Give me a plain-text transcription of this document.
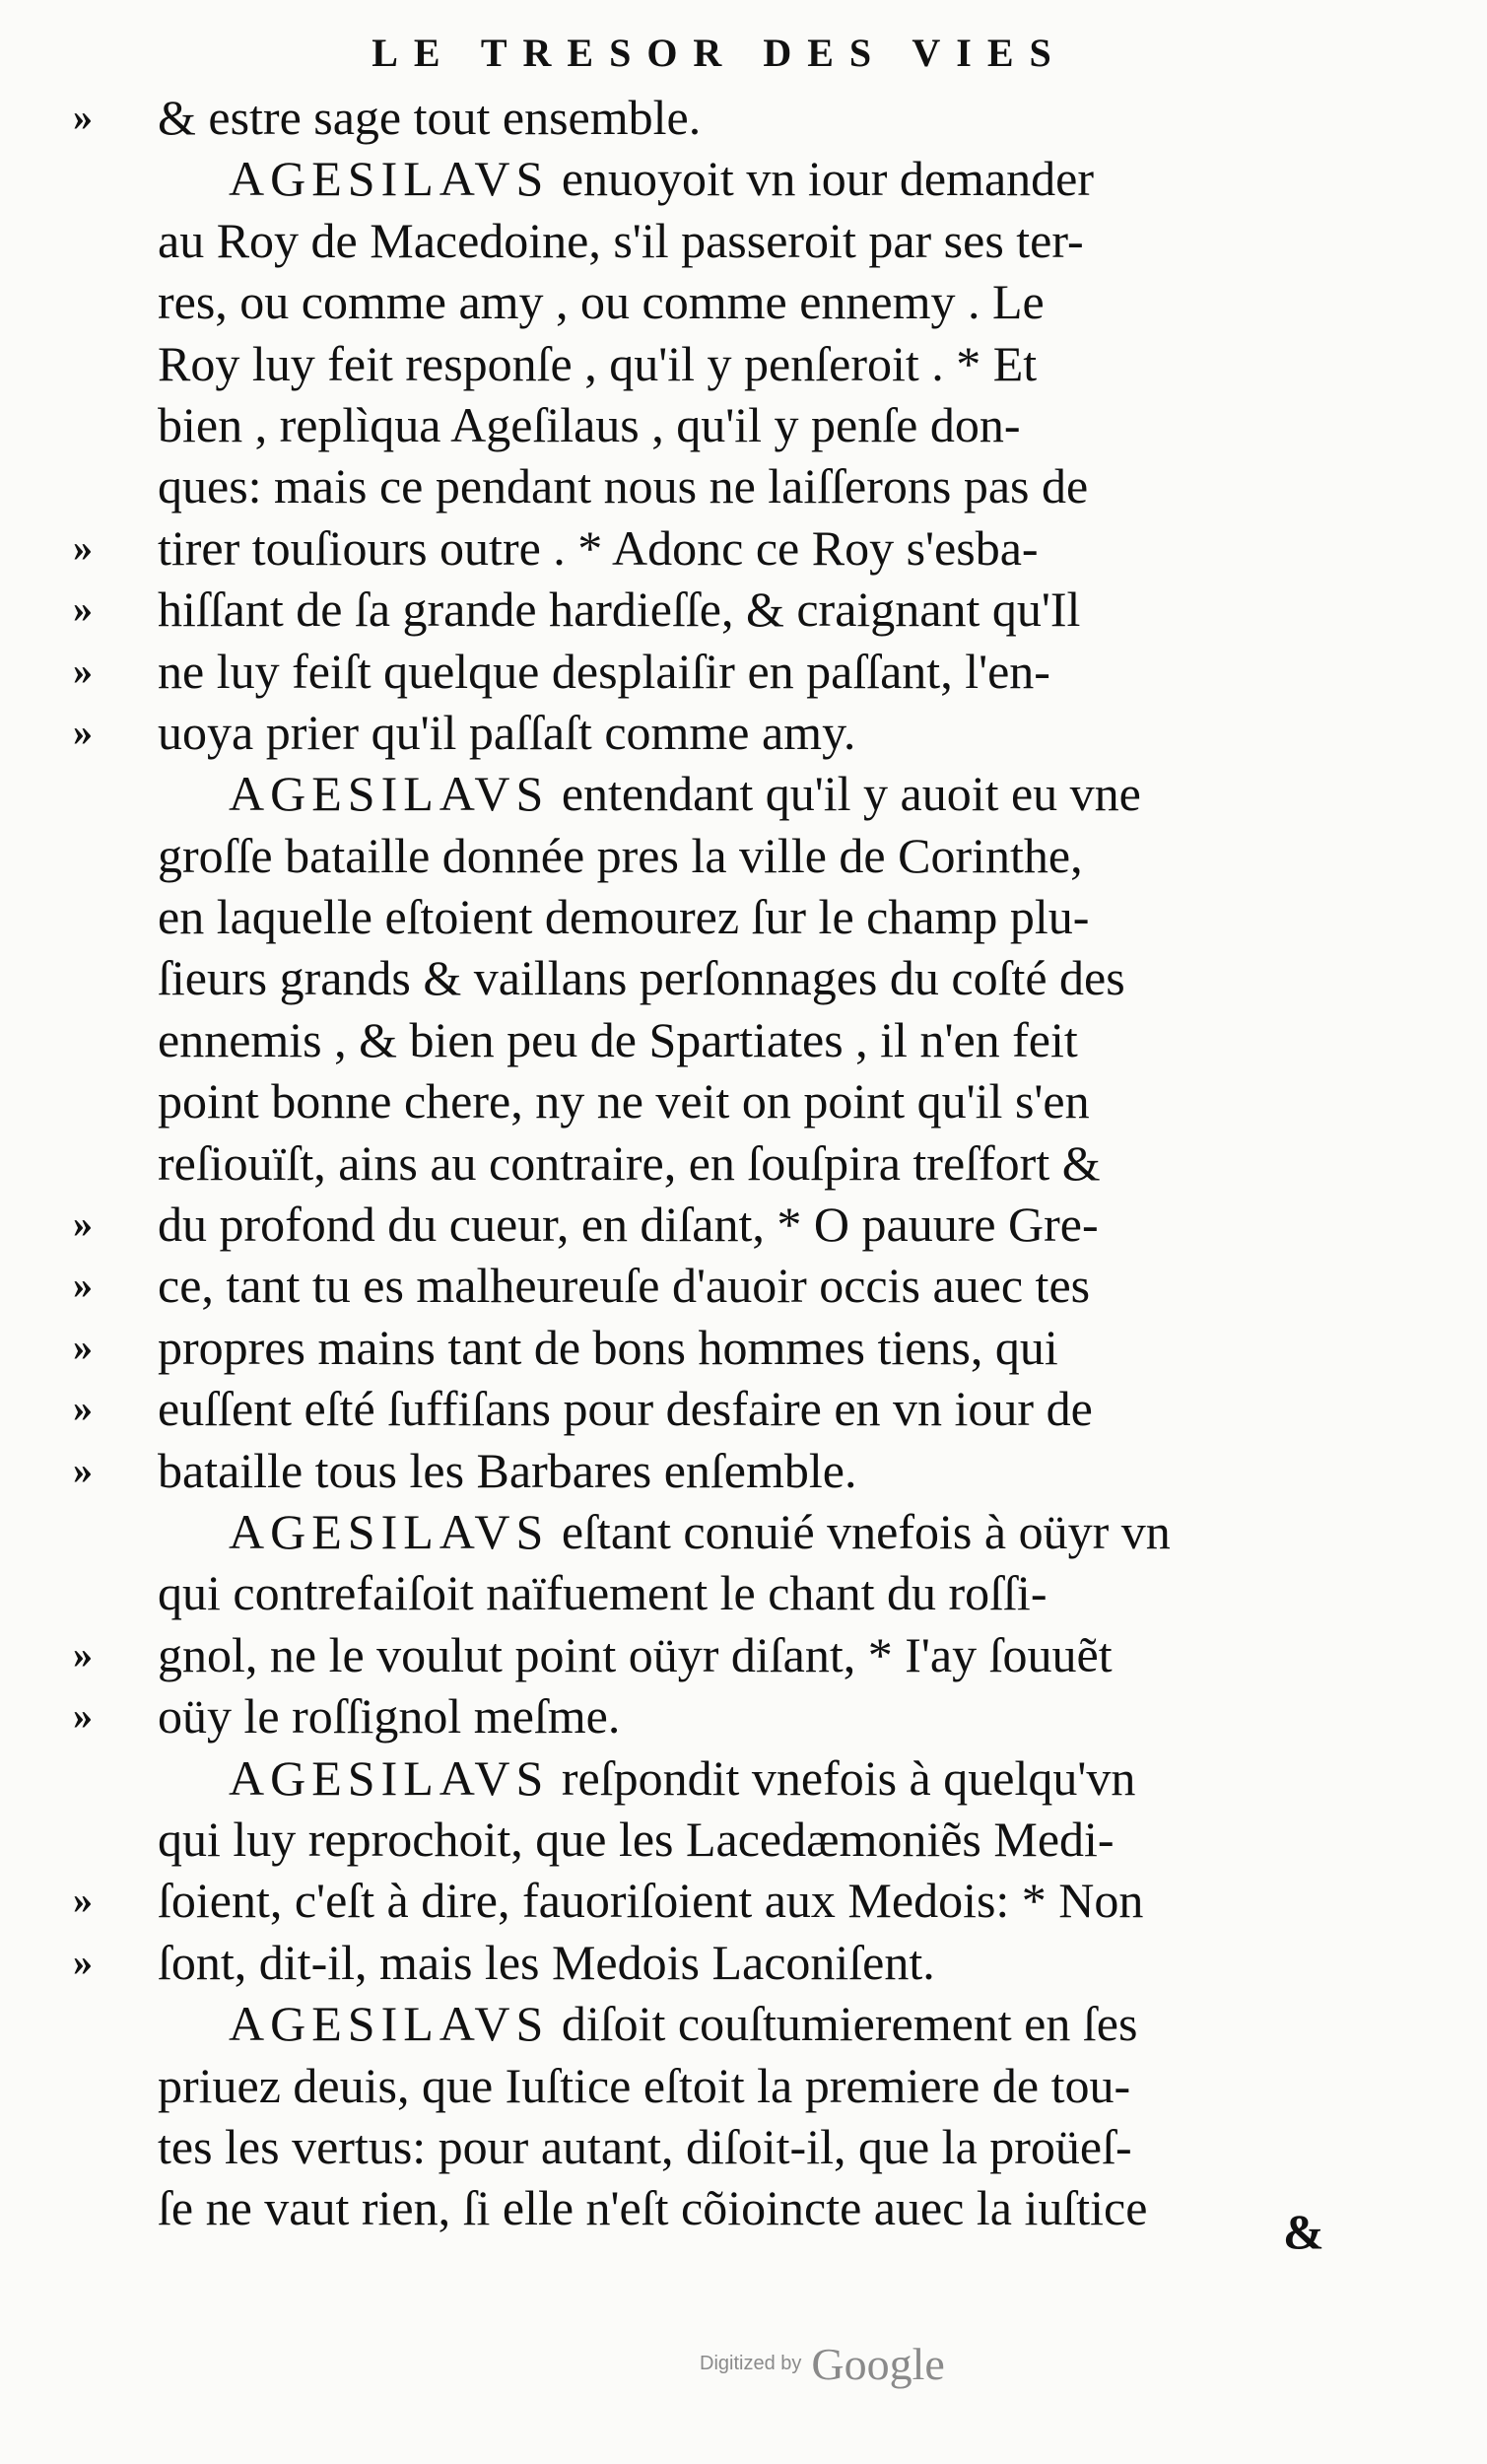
LE TRESOR DES VIES
»	& estre sage tout ensemble.
AGESILAVS enuoyoit vn iour demander
au Roy de Macedoine, s'il passeroit par ses ter-
res, ou comme amy , ou comme ennemy . Le
Roy luy feit responſe , qu'il y penſeroit . * Et
bien , replìqua Ageſilaus , qu'il y penſe don-
ques: mais ce pendant nous ne laiſſerons pas de
»	tirer touſiours outre . * Adonc ce Roy s'esba-
»	hiſſant de ſa grande hardieſſe, & craignant qu'Il
»	ne luy feiſt quelque desplaiſir en paſſant, l'en-
»	uoya prier qu'il paſſaſt comme amy.
AGESILAVS entendant qu'il y auoit eu vne
groſſe bataille donnée pres la ville de Corinthe,
en laquelle eſtoient demourez ſur le champ plu-
ſieurs grands & vaillans perſonnages du coſté des
ennemis , & bien peu de Spartiates , il n'en feit
point bonne chere, ny ne veit on point qu'il s'en
reſiouïſt, ains au contraire, en ſouſpira treſfort &
»	du profond du cueur, en diſant, * O pauure Gre-
»	ce, tant tu es malheureuſe d'auoir occis auec tes
»	propres mains tant de bons hommes tiens, qui
»	euſſent eſté ſuffiſans pour desfaire en vn iour de
»	bataille tous les Barbares enſemble.
AGESILAVS eſtant conuié vnefois à oüyr vn
qui contrefaiſoit naïfuement le chant du roſſi-
»	gnol, ne le voulut point oüyr diſant, * I'ay ſouuẽt
»	oüy le roſſignol meſme.
AGESILAVS reſpondit vnefois à quelqu'vn
qui luy reprochoit, que les Lacedæmoniẽs Medi-
»	ſoient, c'eſt à dire, fauoriſoient aux Medois: * Non
»	ſont, dit-il, mais les Medois Laconiſent.
AGESILAVS diſoit couſtumierement en ſes
priuez deuis, que Iuſtice eſtoit la premiere de tou-
tes les vertus: pour autant, diſoit-il, que la proüeſ-
ſe ne vaut rien, ſi elle n'eſt cõioincte auec la iuſtice	&
Digitized by Google
